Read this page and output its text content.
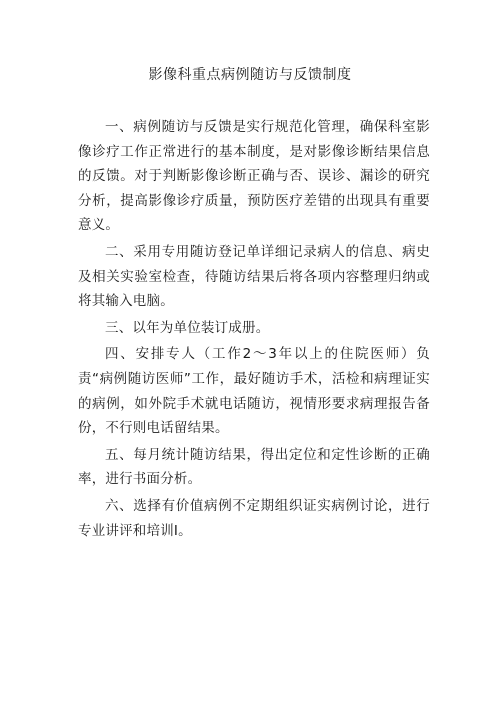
影像科重点病例随访与反馈制度

一、病例随访与反馈是实行规范化管理，确保科室影像诊疗工作正常进行的基本制度，是对影像诊断结果信息的反馈。对于判断影像诊断正确与否、误诊、漏诊的研究分析，提高影像诊疗质量，预防医疗差错的出现具有重要意义。

二、采用专用随访登记单详细记录病人的信息、病史及相关实验室检查，待随访结果后将各项内容整理归纳或将其输入电脑。

三、以年为单位装订成册。

四、安排专人（工作2〜3年以上的住院医师）负责“病例随访医师”工作，最好随访手术，活检和病理证实的病例，如外院手术就电话随访，视情形要求病理报告备份，不行则电话留结果。

五、每月统计随访结果，得出定位和定性诊断的正确率，进行书面分析。

六、选择有价值病例不定期组织证实病例讨论，进行专业讲评和培训I。
